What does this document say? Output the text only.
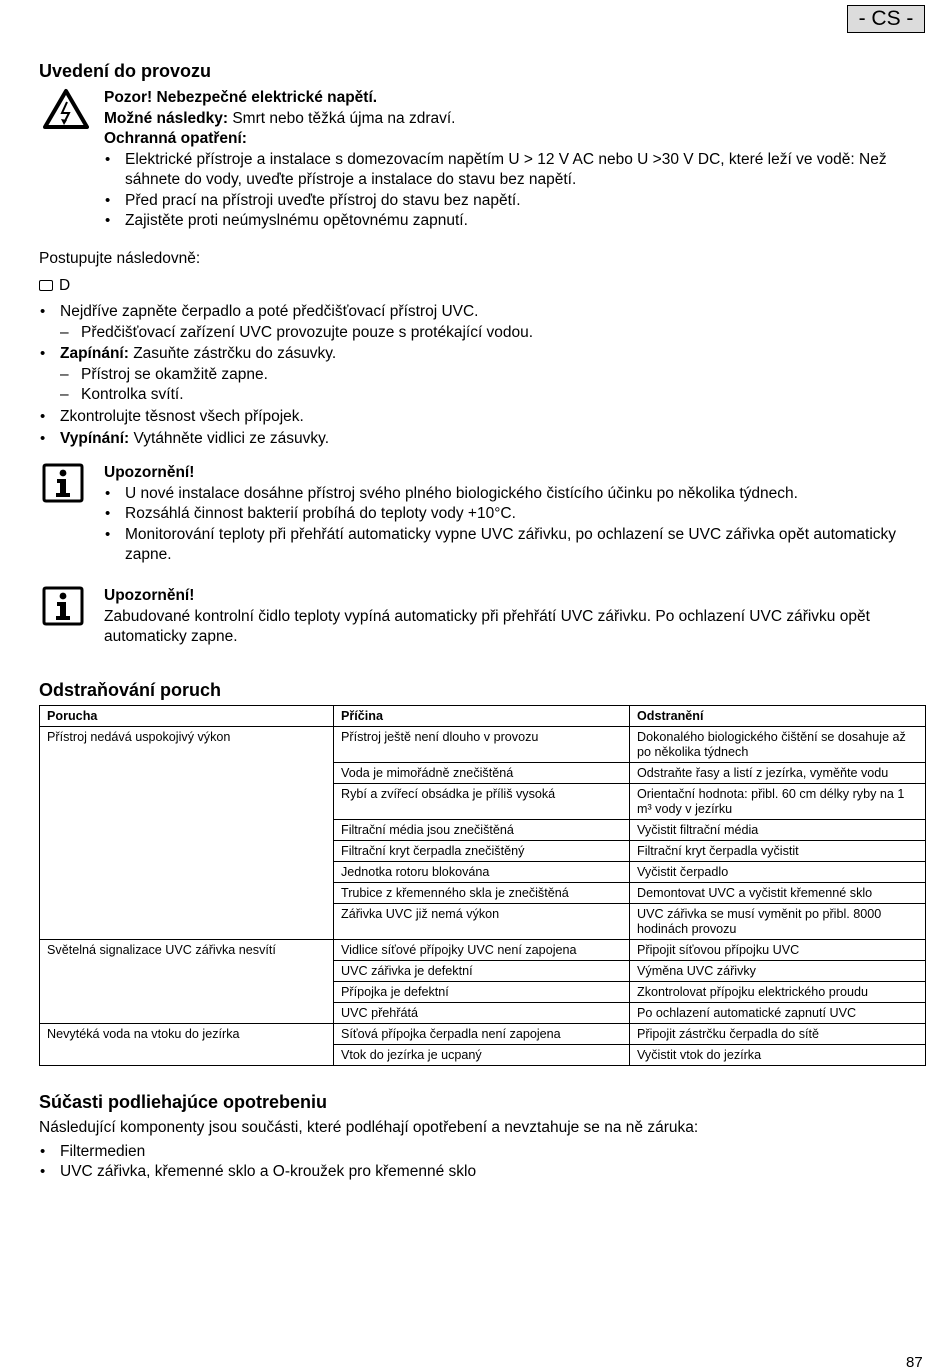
- CS -
Uvedení do provozu

Pozor! Nebezpečné elektrické napětí.

Možné následky: Smrt nebo těžká újma na zdraví.

Ochranná opatření:

• Elektrické přístroje a instalace s domezovacím napětím U > 12 V AC nebo U >30 V DC, které leží ve vodě: Než sáhnete do vody, uveďte přístroje a instalace do stavu bez napětí.
• Před prací na přístroji uveďte přístroj do stavu bez napětí.
• Zajistěte proti neúmyslnému opětovnému zapnutí.

Postupujte následovně:

D

• Nejdříve zapněte čerpadlo a poté předčišťovací přístroj UVC.
– Předčišťovací zařízení UVC provozujte pouze s protékající vodou.
• Zapínání: Zasuňte zástrčku do zásuvky.
– Přístroj se okamžitě zapne.
– Kontrolka svítí.
• Zkontrolujte těsnost všech přípojek.
• Vypínání: Vytáhněte vidlici ze zásuvky.

Upozornění!

• U nové instalace dosáhne přístroj svého plného biologického čistícího účinku po několika týdnech.
• Rozsáhlá činnost bakterií probíhá do teploty vody +10°C.
• Monitorování teploty při přehřátí automaticky vypne UVC zářivku, po ochlazení se UVC zářivka opět automaticky zapne.

Upozornění!

Zabudované kontrolní čidlo teploty vypíná automaticky při přehřátí UVC zářivku. Po ochlazení UVC zářivku opět automaticky zapne.

Odstraňování poruch
Porucha	Příčina	Odstranění
Přístroj nedává uspokojivý výkon	Přístroj ještě není dlouho v provozu	Dokonalého biologického čištění se dosahuje až po několika týdnech
	Voda je mimořádně znečištěná	Odstraňte řasy a listí z jezírka, vyměňte vodu
	Rybí a zvířecí obsádka je příliš vysoká	Orientační hodnota: přibl. 60 cm délky ryby na 1 m³ vody v jezírku
	Filtrační média jsou znečištěná	Vyčistit filtrační média
	Filtrační kryt čerpadla znečištěný	Filtrační kryt čerpadla vyčistit
	Jednotka rotoru blokována	Vyčistit čerpadlo
	Trubice z křemenného skla je znečištěná	Demontovat UVC a vyčistit křemenné sklo
	Zářivka UVC již nemá výkon	UVC zářivka se musí vyměnit po přibl. 8000 hodinách provozu
Světelná signalizace UVC zářivka nesvítí	Vidlice síťové přípojky UVC není zapojena	Připojit síťovou přípojku UVC
	UVC zářivka je defektní	Výměna UVC zářivky
	Přípojka je defektní	Zkontrolovat přípojku elektrického proudu
	UVC přehřátá	Po ochlazení automatické zapnutí UVC
Nevytéká voda na vtoku do jezírka	Síťová přípojka čerpadla není zapojena	Připojit zástrčku čerpadla do sítě
	Vtok do jezírka je ucpaný	Vyčistit vtok do jezírka
Súčasti podliehajúce opotrebeniu

Následující komponenty jsou součásti, které podléhají opotřebení a nevztahuje se na ně záruka:

• Filtermedien
• UVC zářivka, křemenné sklo a O-kroužek pro křemenné sklo
87
